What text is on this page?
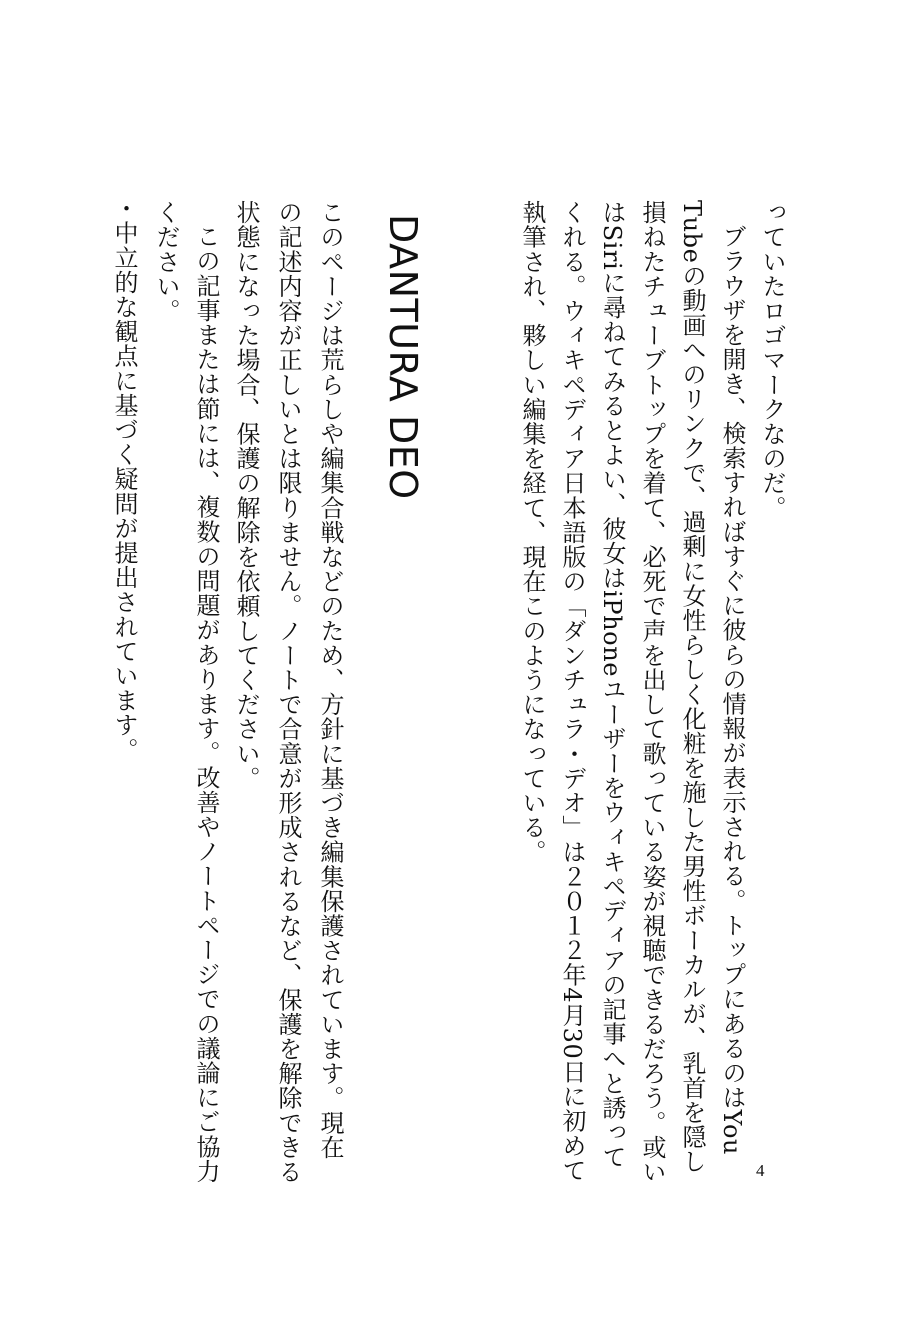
っていたロゴマークなのだ。
ブラウザを開き、検索すればすぐに彼らの情報が表示される。トップにあるのはYou
Tubeの動画へのリンクで、過剰に女性らしく化粧を施した男性ボーカルが、乳首を隠し
損ねたチューブトップを着て、必死で声を出して歌っている姿が視聴できるだろう。或い
はSiriに尋ねてみるとよい、彼女はiPhoneユーザーをウィキペディアの記事へと誘って
くれる。ウィキペディア日本語版の「ダンチュラ・デオ」は２０１２年4月30日に初めて
執筆され、夥しい編集を経て、現在このようになっている。
DANTURA DEO
このページは荒らしや編集合戦などのため、方針に基づき編集保護されています。現在
の記述内容が正しいとは限りません。ノートで合意が形成されるなど、保護を解除できる
状態になった場合、保護の解除を依頼してください。
この記事または節には、複数の問題があります。改善やノートページでの議論にご協力
ください。
・中立的な観点に基づく疑問が提出されています。
4
